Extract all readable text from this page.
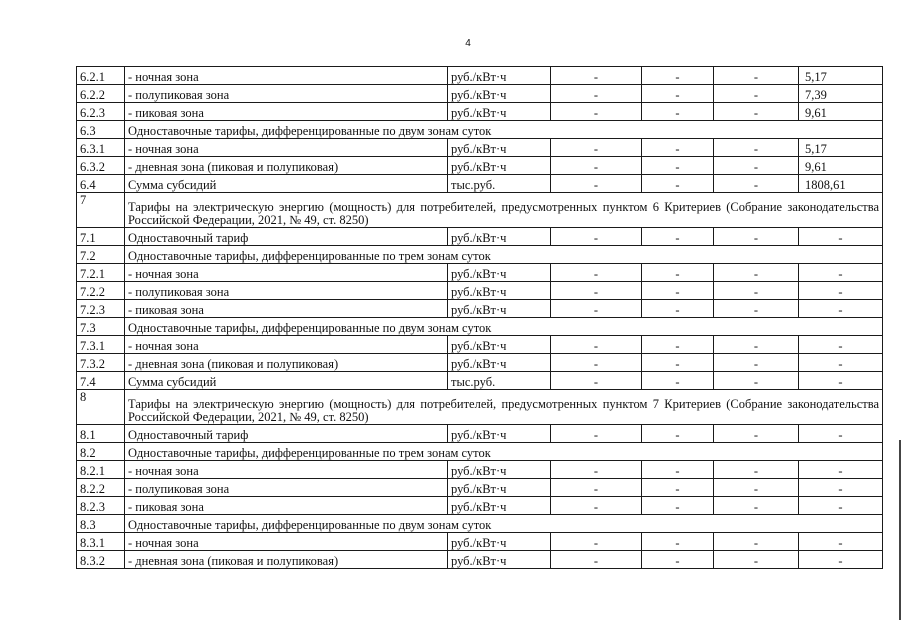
4
6.2.1	- ночная зона	руб./кВт·ч	-	-	-	5,17
6.2.2	- полупиковая зона	руб./кВт·ч	-	-	-	7,39
6.2.3	- пиковая зона	руб./кВт·ч	-	-	-	9,61
6.3	Одноставочные тарифы, дифференцированные по двум зонам суток					
6.3.1	- ночная зона	руб./кВт·ч	-	-	-	5,17
6.3.2	- дневная зона (пиковая и полупиковая)	руб./кВт·ч	-	-	-	9,61
6.4	Сумма субсидий	тыс.руб.	-	-	-	1808,61
7	Тарифы на электрическую энергию (мощность) для потребителей, предусмотренных пунктом 6 Критериев (Собрание законодательства Российской Федерации, 2021, № 49, ст. 8250)					
7.1	Одноставочный тариф	руб./кВт·ч	-	-	-	-
7.2	Одноставочные тарифы, дифференцированные по трем зонам суток					
7.2.1	- ночная зона	руб./кВт·ч	-	-	-	-
7.2.2	- полупиковая зона	руб./кВт·ч	-	-	-	-
7.2.3	- пиковая зона	руб./кВт·ч	-	-	-	-
7.3	Одноставочные тарифы, дифференцированные по двум зонам суток					
7.3.1	- ночная зона	руб./кВт·ч	-	-	-	-
7.3.2	- дневная зона (пиковая и полупиковая)	руб./кВт·ч	-	-	-	-
7.4	Сумма субсидий	тыс.руб.	-	-	-	-
8	Тарифы на электрическую энергию (мощность) для потребителей, предусмотренных пунктом 7 Критериев (Собрание законодательства Российской Федерации, 2021, № 49, ст. 8250)					
8.1	Одноставочный тариф	руб./кВт·ч	-	-	-	-
8.2	Одноставочные тарифы, дифференцированные по трем зонам суток					
8.2.1	- ночная зона	руб./кВт·ч	-	-	-	-
8.2.2	- полупиковая зона	руб./кВт·ч	-	-	-	-
8.2.3	- пиковая зона	руб./кВт·ч	-	-	-	-
8.3	Одноставочные тарифы, дифференцированные по двум зонам суток					
8.3.1	- ночная зона	руб./кВт·ч	-	-	-	-
8.3.2	- дневная зона (пиковая и полупиковая)	руб./кВт·ч	-	-	-	-
